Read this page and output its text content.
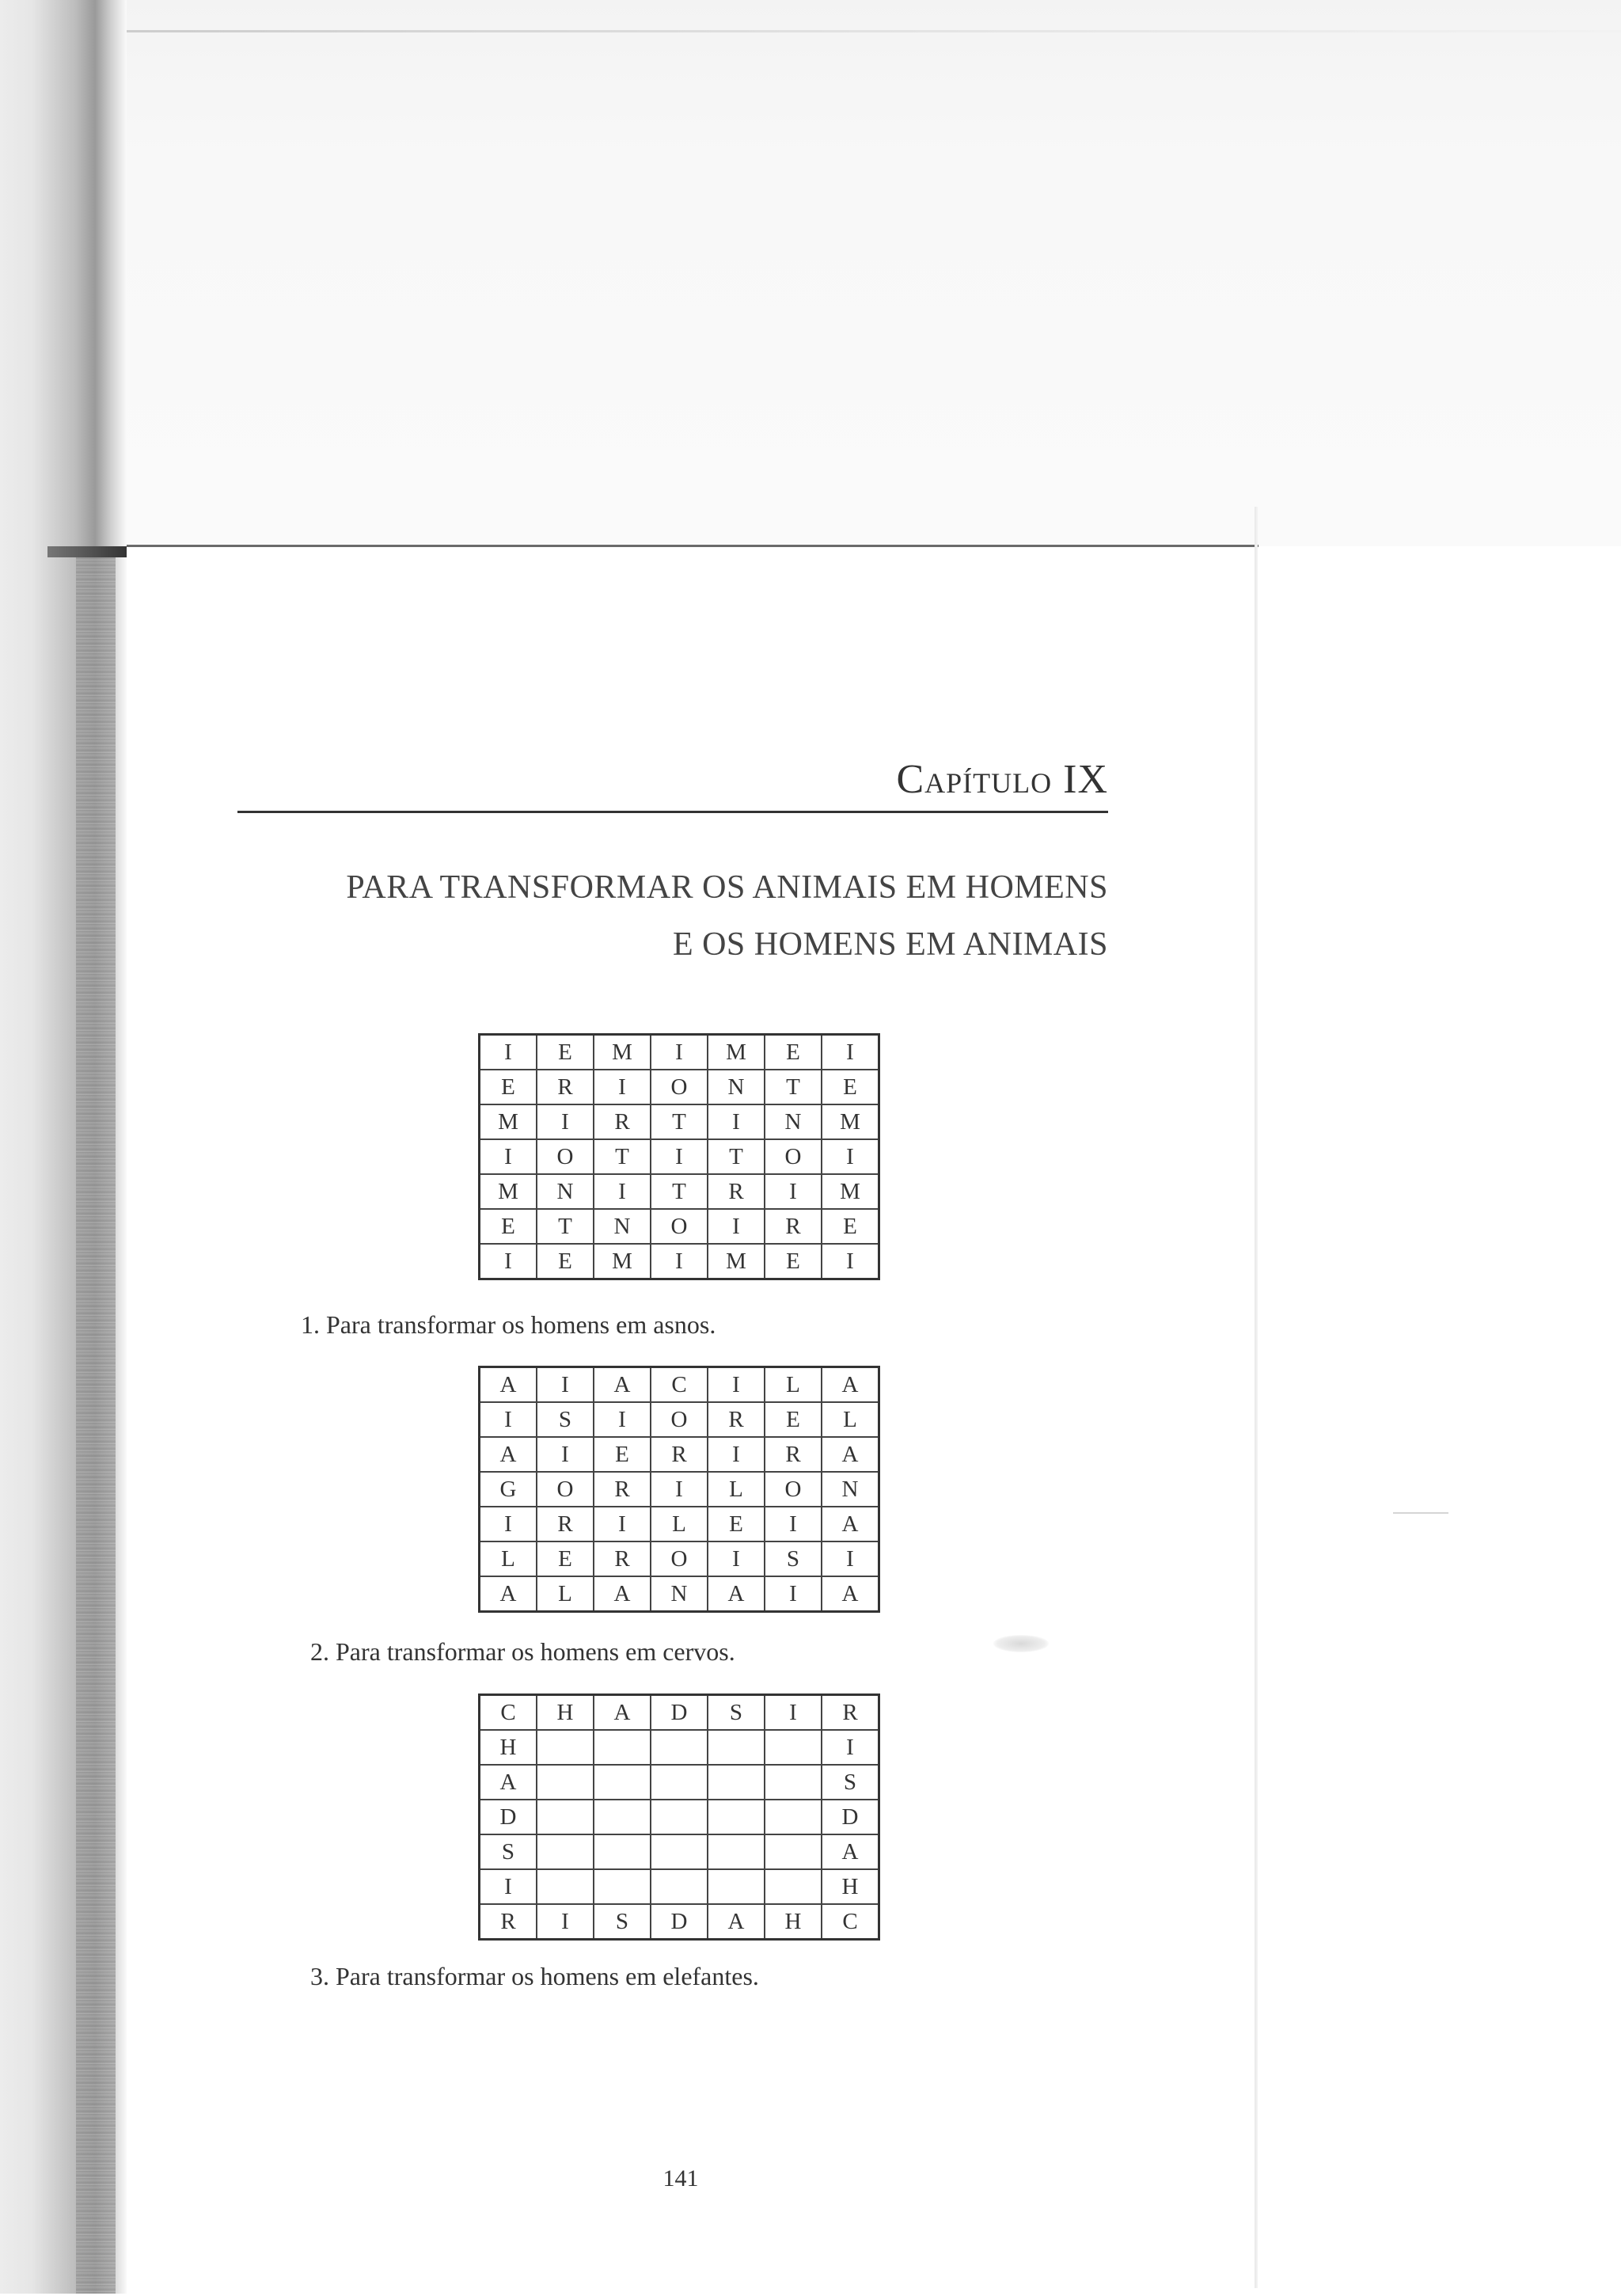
Capítulo IX
PARA TRANSFORMAR OS ANIMAIS EM HOMENS
E OS HOMENS EM ANIMAIS
I	E	M	I	M	E	I
E	R	I	O	N	T	E
M	I	R	T	I	N	M
I	O	T	I	T	O	I
M	N	I	T	R	I	M
E	T	N	O	I	R	E
I	E	M	I	M	E	I
1. Para transformar os homens em asnos.
A	I	A	C	I	L	A
I	S	I	O	R	E	L
A	I	E	R	I	R	A
G	O	R	I	L	O	N
I	R	I	L	E	I	A
L	E	R	O	I	S	I
A	L	A	N	A	I	A
2. Para transformar os homens em cervos.
C	H	A	D	S	I	R
H						I
A						S
D						D
S						A
I						H
R	I	S	D	A	H	C
3. Para transformar os homens em elefantes.
141
